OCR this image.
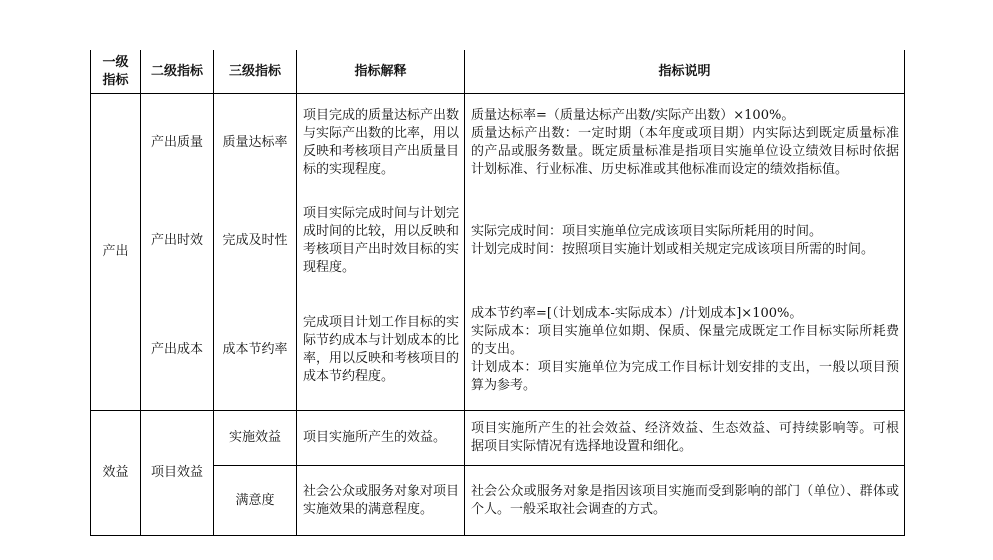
一级指标
二级指标 三级指标	指标解释	指标说明
产出
效益
产出质量
产出时效
产出成本
项目效益
质量达标率
完成及时性
成本节约率
实施效益
满意度
项目完成的质量达标产出数与实际产出数的比率，用以反映和考核项目产出质量目标的实现程度。
项目实际完成时间与计划完成时间的比较，用以反映和考核项目产出时效目标的实现程度。
完成项目计划工作目标的实际节约成本与计划成本的比率，用以反映和考核项目的成本节约程度。
项目实施所产生的效益。
社会公众或服务对象对项目实施效果的满意程度。
质量达标率=（质量达标产出数/实际产出数）×100%。
质量达标产出数：一定时期（本年度或项目期）内实际达到既定质量标准的产品或服务数量。既定质量标准是指项目实施单位设立绩效目标时依据计划标准、行业标准、历史标准或其他标准而设定的绩效指标值。
实际完成时间：项目实施单位完成该项目实际所耗用的时间。
计划完成时间：按照项目实施计划或相关规定完成该项目所需的时间。
成本节约率=[（计划成本-实际成本）/计划成本]×100%。
实际成本：项目实施单位如期、保质、保量完成既定工作目标实际所耗费的支出。
计划成本：项目实施单位为完成工作目标计划安排的支出，一般以项目预算为参考。
项目实施所产生的社会效益、经济效益、生态效益、可持续影响等。可根据项目实际情况有选择地设置和细化。
社会公众或服务对象是指因该项目实施而受到影响的部门（单位）、群体或个人。一般采取社会调查的方式。
